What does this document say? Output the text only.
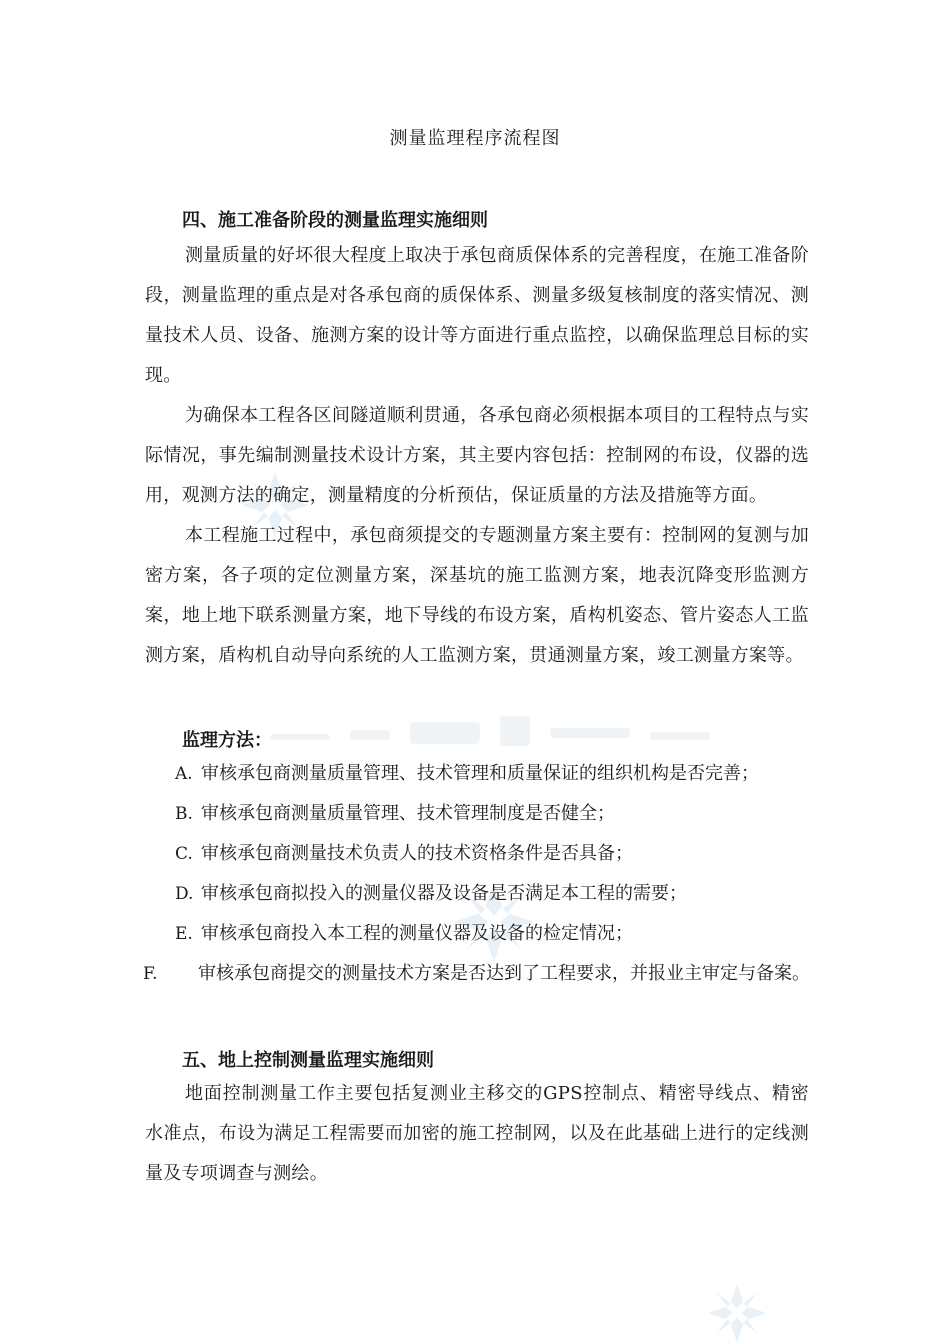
测量监理程序流程图
四、施工准备阶段的测量监理实施细则
测量质量的好坏很大程度上取决于承包商质保体系的完善程度，在施工准备阶段，测量监理的重点是对各承包商的质保体系、测量多级复核制度的落实情况、测量技术人员、设备、施测方案的设计等方面进行重点监控，以确保监理总目标的实现。
为确保本工程各区间隧道顺利贯通，各承包商必须根据本项目的工程特点与实际情况，事先编制测量技术设计方案，其主要内容包括：控制网的布设，仪器的选用，观测方法的确定，测量精度的分析预估，保证质量的方法及措施等方面。
本工程施工过程中，承包商须提交的专题测量方案主要有：控制网的复测与加密方案，各子项的定位测量方案，深基坑的施工监测方案，地表沉降变形监测方案，地上地下联系测量方案，地下导线的布设方案，盾构机姿态、管片姿态人工监测方案，盾构机自动导向系统的人工监测方案，贯通测量方案，竣工测量方案等。
监理方法：
A. 审核承包商测量质量管理、技术管理和质量保证的组织机构是否完善；
B. 审核承包商测量质量管理、技术管理制度是否健全；
C. 审核承包商测量技术负责人的技术资格条件是否具备；
D. 审核承包商拟投入的测量仪器及设备是否满足本工程的需要；
E. 审核承包商投入本工程的测量仪器及设备的检定情况；
F. 审核承包商提交的测量技术方案是否达到了工程要求，并报业主审定与备案。
五、地上控制测量监理实施细则
地面控制测量工作主要包括复测业主移交的GPS控制点、精密导线点、精密水准点，布设为满足工程需要而加密的施工控制网，以及在此基础上进行的定线测量及专项调查与测绘。
